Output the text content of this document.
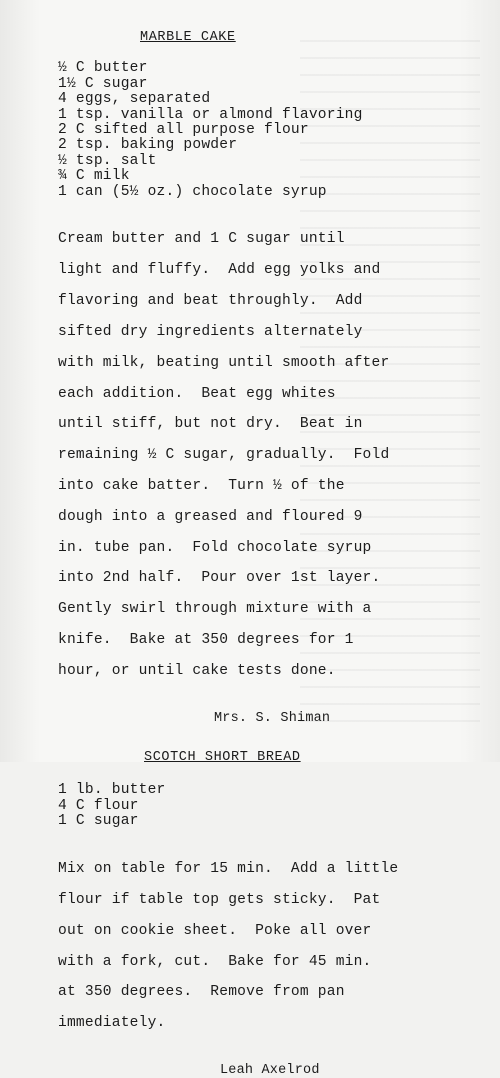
MARBLE CAKE
½ C butter
1½ C sugar
4 eggs, separated
1 tsp. vanilla or almond flavoring
2 C sifted all purpose flour
2 tsp. baking powder
½ tsp. salt
¾ C milk
1 can (5½ oz.) chocolate syrup

Cream butter and 1 C sugar until

light and fluffy.  Add egg yolks and

flavoring and beat throughly.  Add

sifted dry ingredients alternately

with milk, beating until smooth after

each addition.  Beat egg whites

until stiff, but not dry.  Beat in

remaining ½ C sugar, gradually.  Fold

into cake batter.  Turn ½ of the

dough into a greased and floured 9

in. tube pan.  Fold chocolate syrup

into 2nd half.  Pour over 1st layer.

Gently swirl through mixture with a

knife.  Bake at 350 degrees for 1

hour, or until cake tests done.

Mrs. S. Shiman
SCOTCH SHORT BREAD
1 lb. butter
4 C flour
1 C sugar

Mix on table for 15 min.  Add a little

flour if table top gets sticky.  Pat

out on cookie sheet.  Poke all over

with a fork, cut.  Bake for 45 min.

at 350 degrees.  Remove from pan

immediately.

Leah Axelrod
